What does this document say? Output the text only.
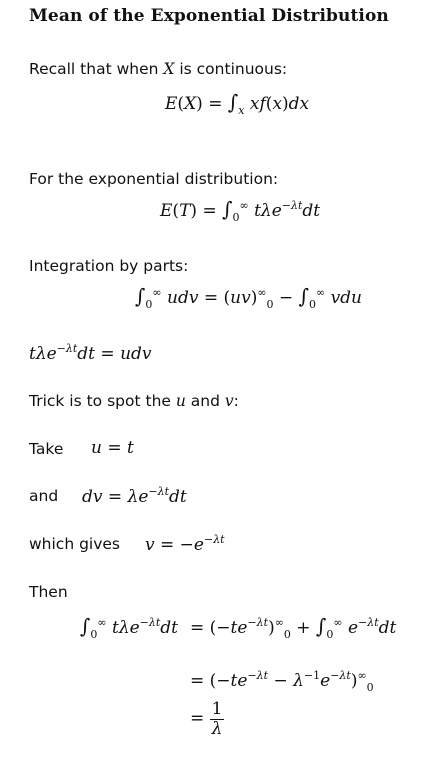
Mean of the Exponential Distribution
Recall that when X is continuous:
$E(X) = \int_x$ xf(x)dx
For the exponential distribution:
$E(T) = \int_0^\infty$ tλe$^{-\lambda t}$dt
Integration by parts:
$\int_0^\infty$ udv = $(uv)^\infty_0 - \int_0^\infty$ vdu
tλe$^{-\lambda t}$dt = udv
Trick is to spot the u and v:
Take u = t
and dv = $\lambda e^{-\lambda t}dt$
which gives $v = -e^{-\lambda t}$
Then
$\int_0^\infty$ $t\lambda e^{-\lambda t}dt = (-te^{-\lambda t})^\infty_0 + \int_0^\infty$ $e^{-\lambda t}dt$
= $(-te^{-\lambda t} - \lambda^{-1}e^{-\lambda t})^\infty_0$
= $\frac{1}{\lambda}$
